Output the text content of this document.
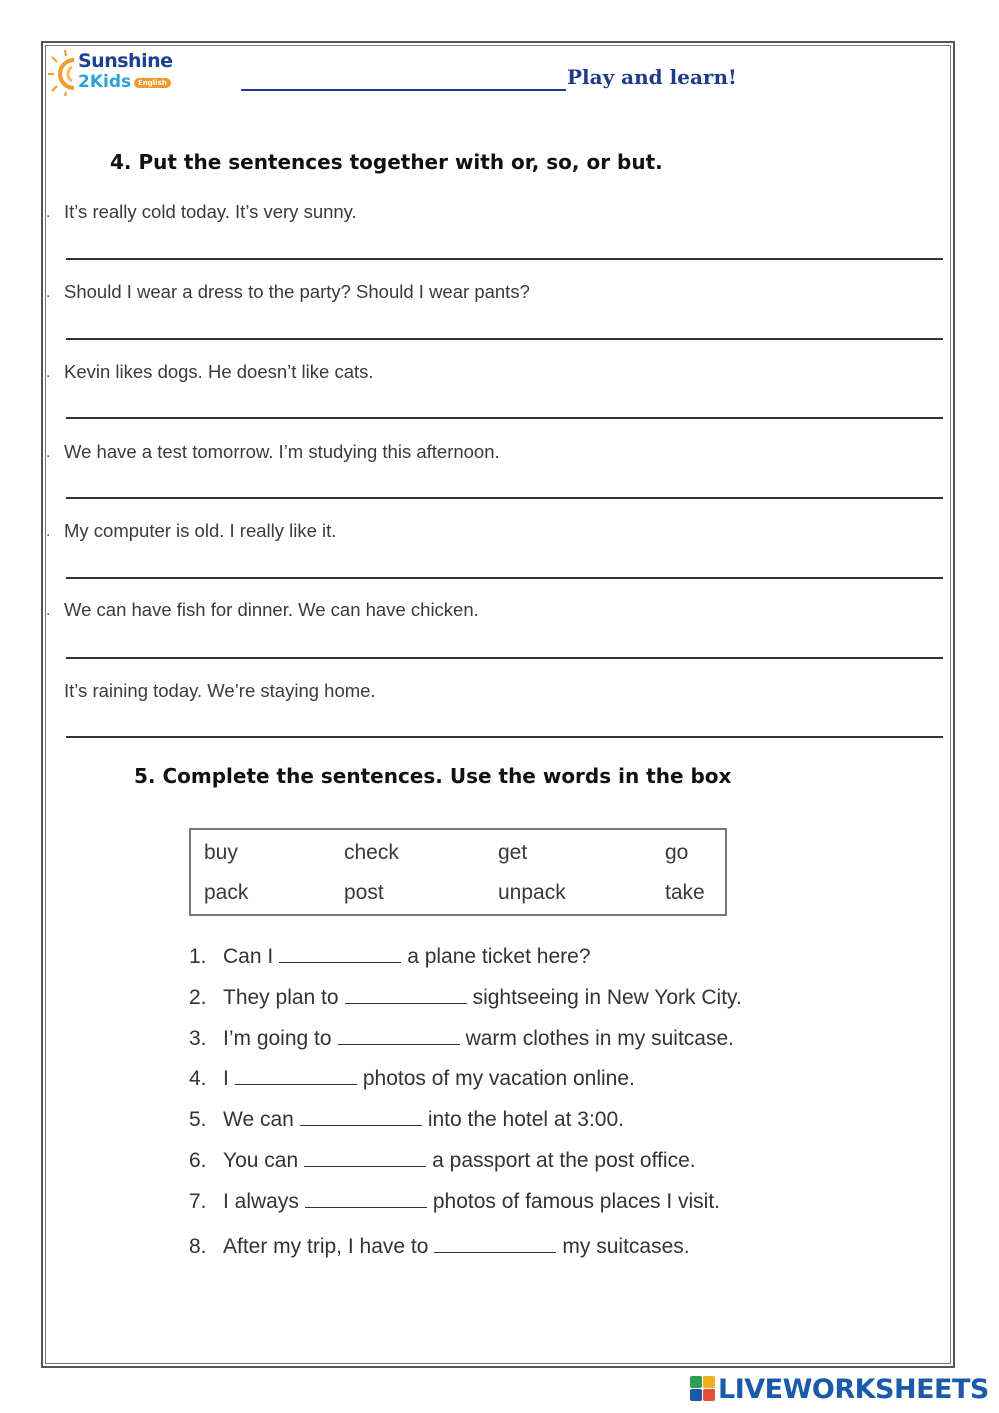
Sunshine
2Kids English	Play and learn!
4. Put the sentences together with or, so, or but.
. It’s really cold today. It’s very sunny.
. Should I wear a dress to the party? Should I wear pants?
. Kevin likes dogs. He doesn’t like cats.
. We have a test tomorrow. I’m studying this afternoon.
. My computer is old. I really like it.
. We can have fish for dinner. We can have chicken.
It’s raining today. We’re staying home.
5. Complete the sentences. Use the words in the box
buy	check	get	go
pack	post	unpack	take
1. Can I	a plane ticket here?
2. They plan to	sightseeing in New York City.
3. I’m going to	warm clothes in my suitcase.
4. I	photos of my vacation online.
5. We can	into the hotel at 3:00.
6. You can	a passport at the post office.
7. I always	photos of famous places I visit.
8. After my trip, I have to	my suitcases.
LIVEWORKSHEETS
